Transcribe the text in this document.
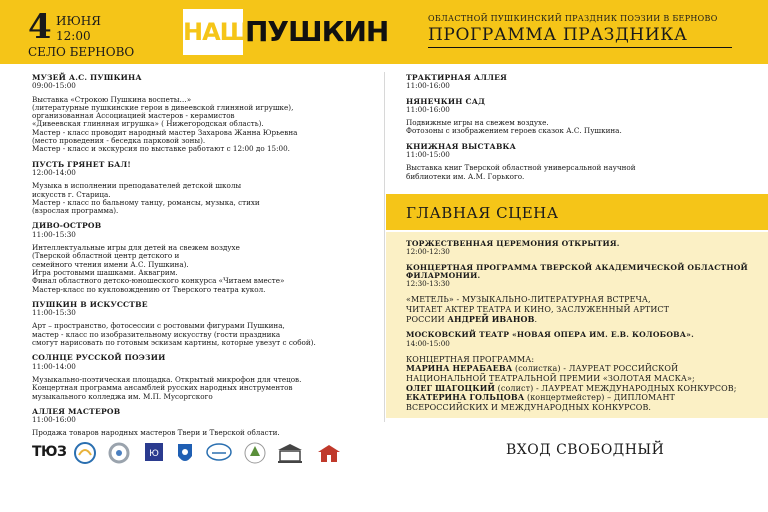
4 ИЮНЯ
12:00
СЕЛО БЕРНОВО
НАШ
ПУШКИН	ОБЛАСТНОЙ ПУШКИНСКИЙ ПРАЗДНИК ПОЭЗИИ В БЕРНОВО
ПРОГРАММА ПРАЗДНИКА
МУЗЕЙ А.С. ПУШКИНА
09:00-15:00
Выставка «Строкою Пушкина воспеты…»
(литературные пушкинские герои в дивеевской глиняной игрушке),
организованная Ассоциацией мастеров - керамистов
«Дивеевская глиняная игрушка» ( Нижегородская область).
Мастер - класс проводит народный мастер Захарова Жанна Юрьевна
(место проведения - беседка парковой зоны).
Мастер - класс и экскурсия по выставке работают с 12:00 до 15:00.
ПУСТЬ ГРЯНЕТ БАЛ!
12:00-14:00
Музыка в исполнении преподавателей детской школы
искусств г. Старица.
Мастер - класс по бальному танцу, романсы, музыка, стихи
(взрослая программа).
ДИВО-ОСТРОВ
11:00-15:30
Интеллектуальные игры для детей на свежем воздухе
(Тверской областной центр детского и
семейного чтения имени А.С. Пушкина).
Игра ростовыми шашками. Аквагрим.
Финал областного детско-юношеского конкурса «Читаем вместе»
Мастер-класс по кукловождению от Тверского театра кукол.
ПУШКИН В ИСКУССТВЕ
11:00-15:30
Арт – пространство, фотосессии с ростовыми фигурами Пушкина,
мастер - класс по изобразительному искусству (гости праздника
смогут нарисовать по готовым эскизам картины, которые увезут с собой).
СОЛНЦЕ РУССКОЙ ПОЭЗИИ
11:00-14:00
Музыкально-поэтическая площадка. Открытый микрофон для чтецов.
Концертная программа ансамблей русских народных инструментов
музыкального колледжа им. М.П. Мусоргского
АЛЛЕЯ МАСТЕРОВ
11:00-16:00
Продажа товаров народных мастеров Твери и Тверской области.
ТРАКТИРНАЯ АЛЛЕЯ
11:00-16:00
НЯНЕЧКИН САД
11:00-16:00
Подвижные игры на свежем воздухе.
Фотозоны с изображением героев сказок А.С. Пушкина.
КНИЖНАЯ ВЫСТАВКА
11:00-15:00
Выставка книг Тверской областной универсальной научной
библиотеки им. А.М. Горького.
ГЛАВНАЯ СЦЕНА
ТОРЖЕСТВЕННАЯ ЦЕРЕМОНИЯ ОТКРЫТИЯ.
12:00-12:30
КОНЦЕРТНАЯ ПРОГРАММА ТВЕРСКОЙ АКАДЕМИЧЕСКОЙ ОБЛАСТНОЙ ФИЛАРМОНИИ.
12:30-13:30
«МЕТЕЛЬ» - МУЗЫКАЛЬНО-ЛИТЕРАТУРНАЯ ВСТРЕЧА,
ЧИТАЕТ АКТЕР ТЕАТРА И КИНО, ЗАСЛУЖЕННЫЙ АРТИСТ
РОССИИ АНДРЕЙ ИВАНОВ.
МОСКОВСКИЙ ТЕАТР «НОВАЯ ОПЕРА ИМ. Е.В. КОЛОБОВА».
14:00-15:00
КОНЦЕРТНАЯ ПРОГРАММА:
МАРИНА НЕРАБАЕВА (солистка) - ЛАУРЕАТ РОССИЙСКОЙ
НАЦИОНАЛЬНОЙ ТЕАТРАЛЬНОЙ ПРЕМИИ «ЗОЛОТАЯ МАСКА»;
ОЛЕГ ШАГОЦКИЙ (солист) - ЛАУРЕАТ МЕЖДУНАРОДНЫХ КОНКУРСОВ;
ЕКАТЕРИНА ГОЛЬЦОВА (концертмейстер) – ДИПЛОМАНТ
ВСЕРОССИЙСКИХ И МЕЖДУНАРОДНЫХ КОНКУРСОВ.
ТЮЗ	Ю	ВХОД СВОБОДНЫЙ
